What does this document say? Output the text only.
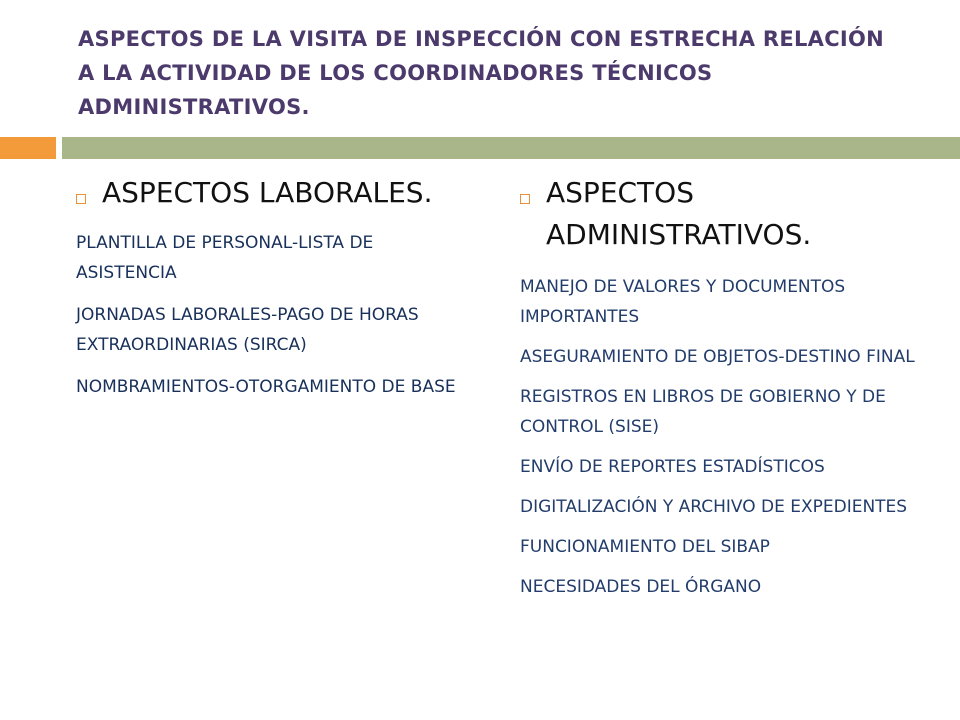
ASPECTOS DE LA VISITA DE INSPECCIÓN CON ESTRECHA RELACIÓN A LA ACTIVIDAD DE LOS COORDINADORES TÉCNICOS ADMINISTRATIVOS.
ASPECTOS LABORALES.

PLANTILLA DE PERSONAL-LISTA DE ASISTENCIA

JORNADAS LABORALES-PAGO DE HORAS EXTRAORDINARIAS (SIRCA)

NOMBRAMIENTOS-OTORGAMIENTO DE BASE

ASPECTOS ADMINISTRATIVOS.

MANEJO DE VALORES Y DOCUMENTOS IMPORTANTES

ASEGURAMIENTO DE OBJETOS-DESTINO FINAL

REGISTROS EN LIBROS DE GOBIERNO Y DE CONTROL (SISE)

ENVÍO DE REPORTES ESTADÍSTICOS

DIGITALIZACIÓN Y ARCHIVO DE EXPEDIENTES

FUNCIONAMIENTO DEL SIBAP

NECESIDADES DEL ÓRGANO
